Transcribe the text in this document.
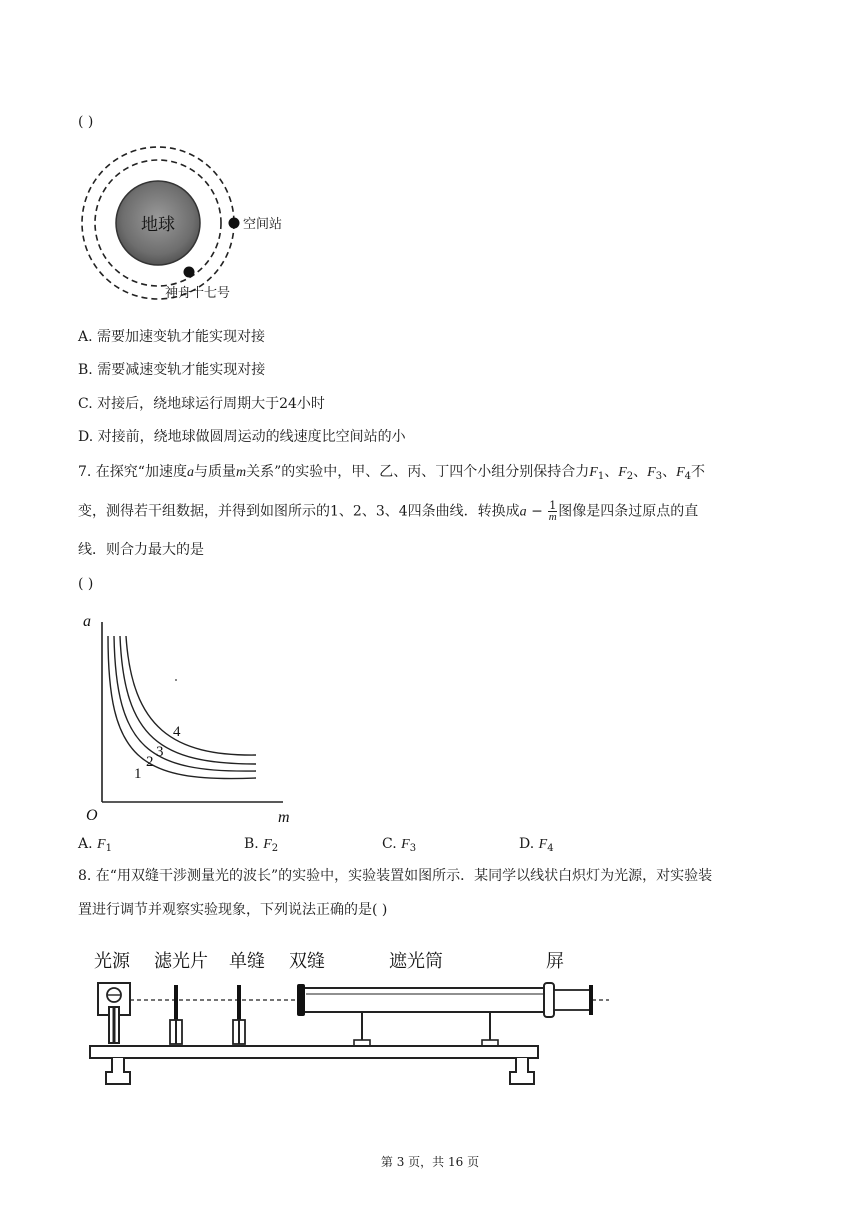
( )
地球	空间站
神舟十七号
A. 需要加速变轨才能实现对接
B. 需要减速变轨才能实现对接
C. 对接后，绕地球运行周期大于24小时
D. 对接前，绕地球做圆周运动的线速度比空间站的小
7. 在探究“加速度a与质量m关系”的实验中，甲、乙、丙、丁四个小组分别保持合力$F_1$、$F_2$、$F_3$、$F_4$不
变，测得若干组数据，并得到如图所示的1、2、3、4四条曲线．转换成$a - \frac{1}{m}$ 图像是四条过原点的直
线．则合力最大的是
( )
a
O	m
1
2
3
4
A. $F_1$	B. $F_2$	C. $F_3$	D. $F_4$
8. 在“用双缝干涉测量光的波长”的实验中，实验装置如图所示．某同学以线状白炽灯为光源，对实验装
置进行调节并观察实验现象，下列说法正确的是( )
光源 滤光片 单缝 双缝	遮光筒	屏
第 3 页，共 16 页
